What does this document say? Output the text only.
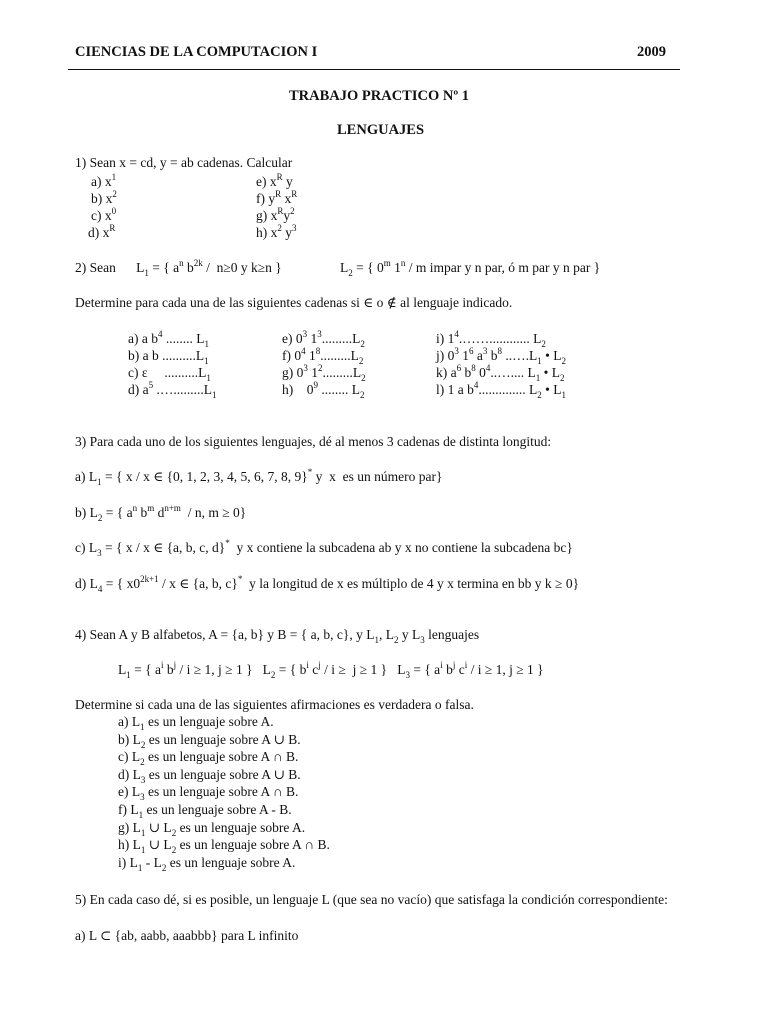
CIENCIAS DE LA COMPUTACION I	2009
TRABAJO PRACTICO Nº 1
LENGUAJES
1) Sean x = cd, y = ab cadenas. Calcular
a) $x^1$
b) $x^2$
c) $x^0$
d) $x^R$
e) $x^R$ y
f) $y^R$ $x^R$
g) $x^Ry^2$
h) $x^2$ $y^3$
2) Sean      $L_1$ = { $a^n$ $b^{2k} / n\ge 0$ y k≥n }	$L_2$ = { 0$^m$ 1$^n$ / m impar y n par, ó m par y n par }
Determine para cada una de las siguientes cadenas si ∈ o ∉ al lenguaje indicado.
a) a $b^4$ ........ $L_1$
b) a b $..........L_1$
c) ε     $..........L_1$
d) $a^5$ $.\dots.........L_1$
e) $0^3$ $1^3.........L_2$
f) $0^4$ $1^8.........L_2$
g) $0^3$ $1^2.........L_2$
h)    $0^9$ ........ $L_2$
i) $1^4.\dots\dots$............ $L_2$
j) $0^3$ $1^6$ $a^3$ $b^8$ $..\dots.L_1$ • $L_2$
k) $a^6$ $b^8$ $0^4..\dots$.... $L_1$ • $L_2$
l) 1 a $b^4$.............. $L_2$ • $L_1$
3) Para cada uno de los siguientes lenguajes, dé al menos 3 cadenas de distinta longitud:
a) $L_1$ = { x / x ∈ {0, 1, 2, 3, 4, 5, 6, 7, 8, 9}* y  x  es un número par}
b) $L_2$ = { $a^n$ $b^m$ $d^{n+m}$  / n, m ≥ 0}
c) $L_3$ = { x / x ∈ {a, b, c, d}*  y x contiene la subcadena ab y x no contiene la subcadena bc}
d) $L_4$ = { $x0^{2k+1}$ / x ∈ {a, b, c}*  y la longitud de x es múltiplo de 4 y x termina en bb y k ≥ 0}
4) Sean A y B alfabetos, A = {a, b} y B = { a, b, c}, y $L_1$, $L_2$ y $L_3$ lenguajes
$L_1$ = { $a^i$ $b^j / i \ge 1$, j ≥ 1 }   $L_2$ = { $b^i$ $c^j / i \ge j \ge 1$ }   $L_3$ = { $a^i$ $b^j$ $c^i / i \ge 1$, j ≥ 1 }
Determine si cada una de las siguientes afirmaciones es verdadera o falsa.
a) $L_1$ es un lenguaje sobre A.
b) $L_2$ es un lenguaje sobre A ∪ B.
c) $L_2$ es un lenguaje sobre A ∩ B.
d) $L_3$ es un lenguaje sobre A ∪ B.
e) $L_3$ es un lenguaje sobre A ∩ B.
f) $L_1$ es un lenguaje sobre A - B.
g) $L_1$ ∪ $L_2$ es un lenguaje sobre A.
h) $L_1$ ∪ $L_2$ es un lenguaje sobre A ∩ B.
i) $L_1 - L_2$ es un lenguaje sobre A.
5) En cada caso dé, si es posible, un lenguaje L (que sea no vacío) que satisfaga la condición correspondiente:
a) L ⊂ {ab, aabb, aaabbb} para L infinito
